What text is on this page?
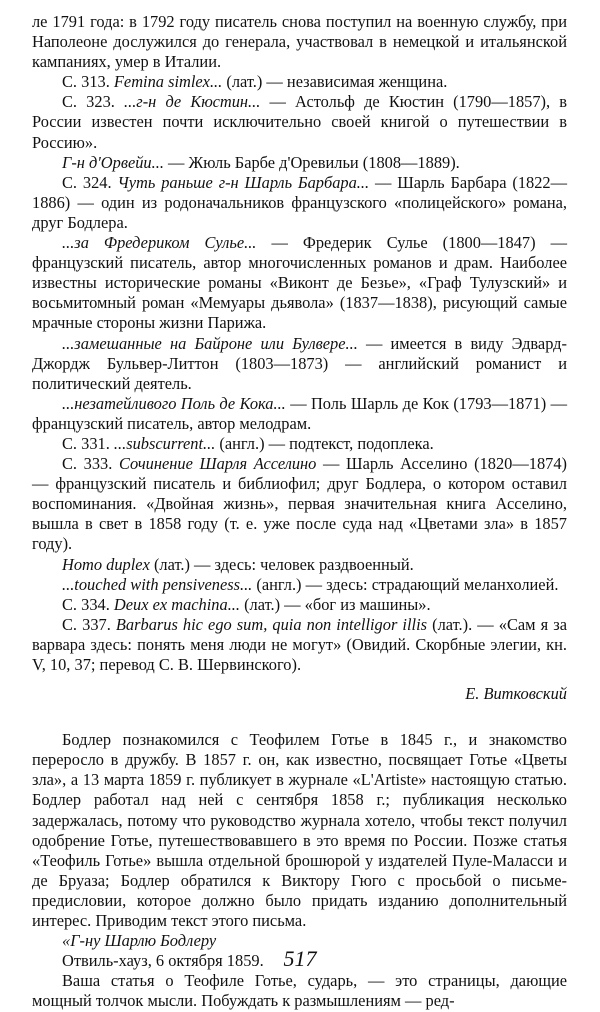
ле 1791 года: в 1792 году писатель снова поступил на военную службу, при Наполеоне дослужился до генерала, участвовал в немецкой и итальянской кампаниях, умер в Италии.

С. 313. Femina simlex... (лат.) — независимая женщина.

С. 323. ...г-н де Кюстин... — Астольф де Кюстин (1790—1857), в России известен почти исключительно своей книгой о путешествии в Россию».

Г-н д'Орвейи... — Жюль Барбе д'Оревильи (1808—1889).

С. 324. Чуть раньше г-н Шарль Барбара... — Шарль Барбара (1822—1886) — один из родоначальников французского «полицейского» романа, друг Бодлера.

...за Фредериком Сулье... — Фредерик Сулье (1800—1847) — французский писатель, автор многочисленных романов и драм. Наиболее известны исторические романы «Виконт де Безье», «Граф Тулузский» и восьмитомный роман «Мемуары дьявола» (1837—1838), рисующий самые мрачные стороны жизни Парижа.

...замешанные на Байроне или Булвере... — имеется в виду Эдвард-Джордж Бульвер-Литтон (1803—1873) — английский романист и политический деятель.

...незатейливого Поль де Кока... — Поль Шарль де Кок (1793—1871) — французский писатель, автор мелодрам.

С. 331. ...subscurrent... (англ.) — подтекст, подоплека.

С. 333. Сочинение Шарля Асселино — Шарль Асселино (1820—1874) — французский писатель и библиофил; друг Бодлера, о котором оставил воспоминания. «Двойная жизнь», первая значительная книга Асселино, вышла в свет в 1858 году (т. е. уже после суда над «Цветами зла» в 1857 году).

Homo duplex (лат.) — здесь: человек раздвоенный.

...touched with pensiveness... (англ.) — здесь: страдающий меланхолией.

С. 334. Deux ex machina... (лат.) — «бог из машины».

С. 337. Barbarus hic ego sum, quia non intelligor illis (лат.). — «Сам я за варвара здесь: понять меня люди не могут» (Овидий. Скорбные элегии, кн. V, 10, 37; перевод С. В. Шервинского).

Е. Витковский

Бодлер познакомился с Теофилем Готье в 1845 г., и знакомство переросло в дружбу. В 1857 г. он, как известно, посвящает Готье «Цветы зла», а 13 марта 1859 г. публикует в журнале «L'Artiste» настоящую статью. Бодлер работал над ней с сентября 1858 г.; публикация несколько задержалась, потому что руководство журнала хотело, чтобы текст получил одобрение Готье, путешествовавшего в это время по России. Позже статья «Теофиль Готье» вышла отдельной брошюрой у издателей Пуле-Маласси и де Бруаза; Бодлер обратился к Виктору Гюго с просьбой о письме-предисловии, которое должно было придать изданию дополнительный интерес. Приводим текст этого письма.

«Г-ну Шарлю Бодлеру

Отвиль-хауз, 6 октября 1859.

Ваша статья о Теофиле Готье, сударь, — это страницы, дающие мощный толчок мысли. Побуждать к размышлениям — ред-

517
